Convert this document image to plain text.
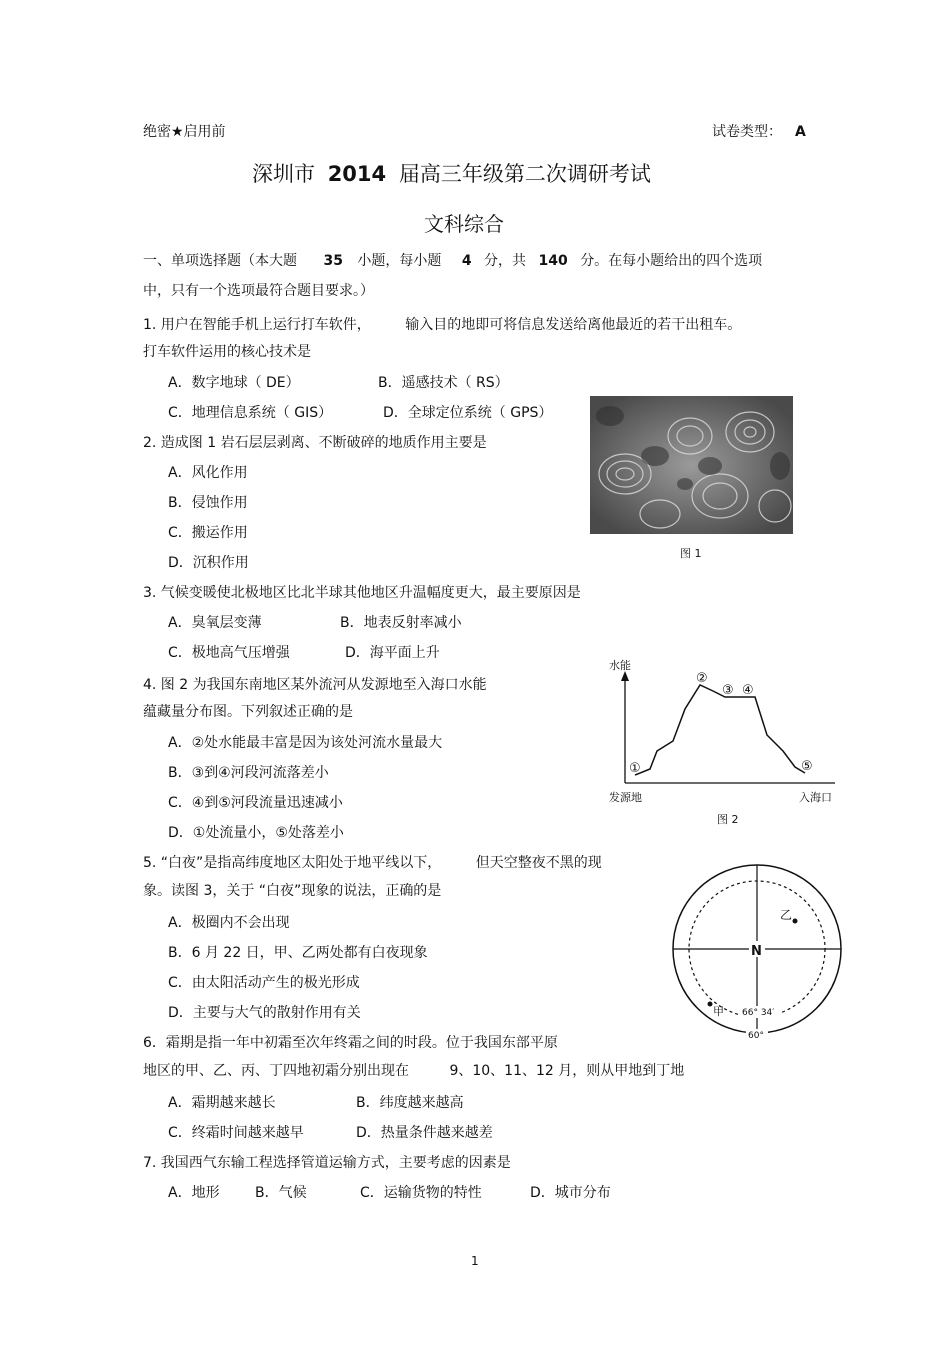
绝密★启用前	试卷类型： A
深圳市 2014 届高三年级第二次调研考试
文科综合
一、单项选择题（本大题 35 小题，每小题 4 分，共 140 分。在每小题给出的四个选项
中，只有一个选项最符合题目要求。）
1. 用户在智能手机上运行打车软件， 输入目的地即可将信息发送给离他最近的若干出租车。
打车软件运用的核心技术是
A．数字地球（ DE）	B．遥感技术（ RS）
C．地理信息系统（ GIS）	D．全球定位系统（ GPS）
2. 造成图 1 岩石层层剥离、不断破碎的地质作用主要是
A．风化作用
B．侵蚀作用
C．搬运作用
D．沉积作用
图 1
3. 气候变暖使北极地区比北半球其他地区升温幅度更大，最主要原因是
A．臭氧层变薄	B．地表反射率减小
C．极地高气压增强	D．海平面上升
4. 图 2 为我国东南地区某外流河从发源地至入海口水能
蕴藏量分布图。下列叙述正确的是
A．②处水能最丰富是因为该处河流水量最大
B．③到④河段河流落差小
C．④到⑤河段流量迅速减小
D．①处流量小，⑤处落差小
水能
发源地	入海口
①
②
③ ④
⑤
图 2
5. “白夜”是指高纬度地区太阳处于地平线以下， 但天空整夜不黑的现
象。读图 3，关于 “白夜”现象的说法，正确的是
A．极圈内不会出现
B．6 月 22 日，甲、乙两处都有白夜现象
C．由太阳活动产生的极光形成
D．主要与大气的散射作用有关
N
乙
甲 66° 34′
60°
6．霜期是指一年中初霜至次年终霜之间的时段。位于我国东部平原
地区的甲、乙、丙、丁四地初霜分别出现在	9、10、11、12 月，则从甲地到丁地
A．霜期越来越长	B．纬度越来越高
C．终霜时间越来越早	D．热量条件越来越差
7. 我国西气东输工程选择管道运输方式，主要考虑的因素是
A．地形	B．气候	C．运输货物的特性	D．城市分布
1
